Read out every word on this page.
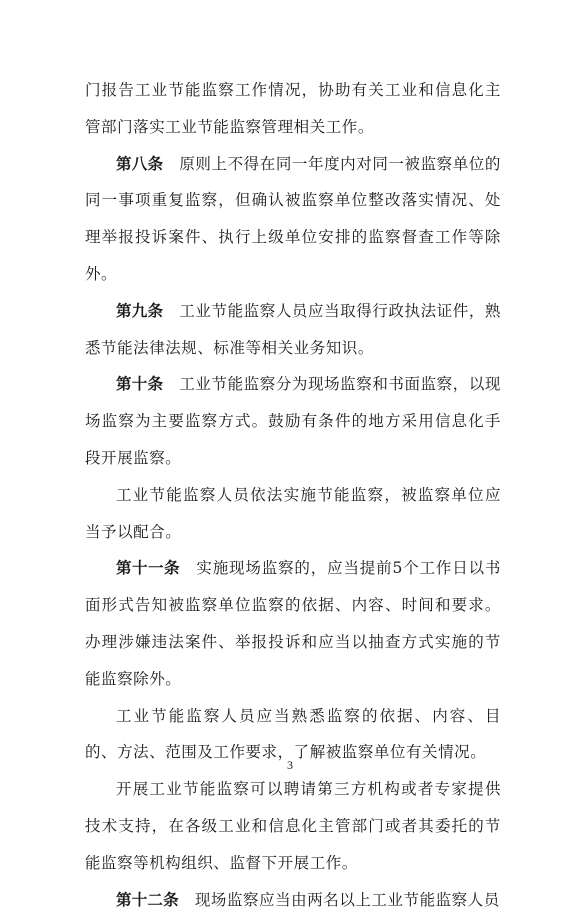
门报告工业节能监察工作情况，协助有关工业和信息化主管部门落实工业节能监察管理相关工作。

第八条　 原则上不得在同一年度内对同一被监察单位的同一事项重复监察，但确认被监察单位整改落实情况、处理举报投诉案件、执行上级单位安排的监察督查工作等除外。

第九条　 工业节能监察人员应当取得行政执法证件，熟悉节能法律法规、标准等相关业务知识。

第十条　 工业节能监察分为现场监察和书面监察，以现场监察为主要监察方式。鼓励有条件的地方采用信息化手段开展监察。

工业节能监察人员依法实施节能监察，被监察单位应当予以配合。

第十一条　 实施现场监察的，应当提前5个工作日以书面形式告知被监察单位监察的依据、内容、时间和要求。办理涉嫌违法案件、举报投诉和应当以抽查方式实施的节能监察除外。

工业节能监察人员应当熟悉监察的依据、内容、目的、方法、范围及工作要求，了解被监察单位有关情况。

开展工业节能监察可以聘请第三方机构或者专家提供技术支持，在各级工业和信息化主管部门或者其委托的节能监察等机构组织、监督下开展工作。

第十二条　 现场监察应当由两名以上工业节能监察人员

3
